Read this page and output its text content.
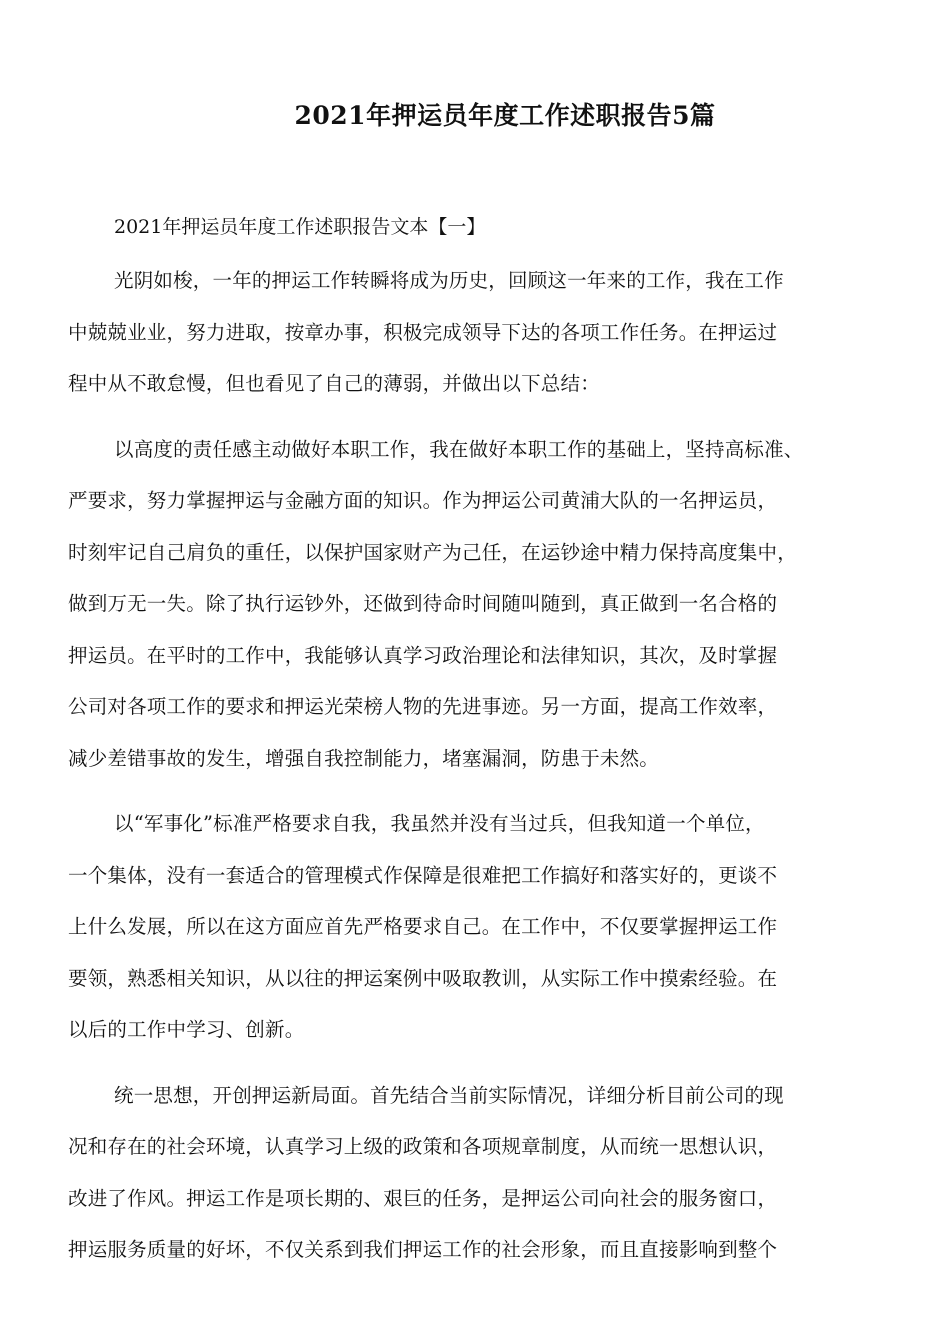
2021年押运员年度工作述职报告5篇

2021年押运员年度工作述职报告文本【一】

光阴如梭，一年的押运工作转瞬将成为历史，回顾这一年来的工作，我在工作
中兢兢业业，努力进取，按章办事，积极完成领导下达的各项工作任务。在押运过
程中从不敢怠慢，但也看见了自己的薄弱，并做出以下总结：

以高度的责任感主动做好本职工作，我在做好本职工作的基础上，坚持高标准、
严要求，努力掌握押运与金融方面的知识。作为押运公司黄浦大队的一名押运员，
时刻牢记自己肩负的重任，以保护国家财产为己任，在运钞途中精力保持高度集中，
做到万无一失。除了执行运钞外，还做到待命时间随叫随到，真正做到一名合格的
押运员。在平时的工作中，我能够认真学习政治理论和法律知识，其次，及时掌握
公司对各项工作的要求和押运光荣榜人物的先进事迹。另一方面，提高工作效率，
减少差错事故的发生，增强自我控制能力，堵塞漏洞，防患于未然。

以“军事化”标准严格要求自我，我虽然并没有当过兵，但我知道一个单位，
一个集体，没有一套适合的管理模式作保障是很难把工作搞好和落实好的，更谈不
上什么发展，所以在这方面应首先严格要求自己。在工作中，不仅要掌握押运工作
要领，熟悉相关知识，从以往的押运案例中吸取教训，从实际工作中摸索经验。在
以后的工作中学习、创新。

统一思想，开创押运新局面。首先结合当前实际情况，详细分析目前公司的现
况和存在的社会环境，认真学习上级的政策和各项规章制度，从而统一思想认识，
改进了作风。押运工作是项长期的、艰巨的任务，是押运公司向社会的服务窗口，
押运服务质量的好坏，不仅关系到我们押运工作的社会形象，而且直接影响到整个
